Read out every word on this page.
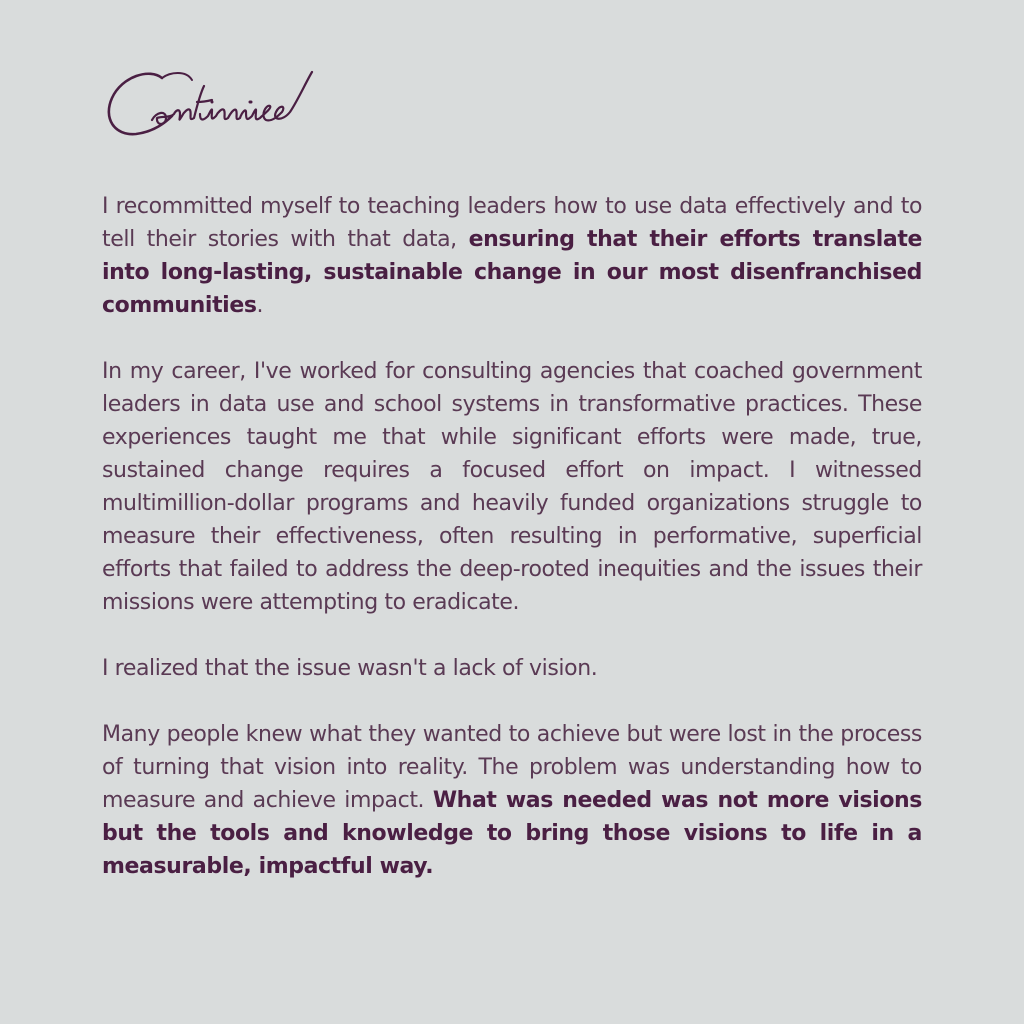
I recommitted myself to teaching leaders how to use data effectively and to tell their stories with that data, ensuring that their efforts translate into long-lasting, sustainable change in our most disenfranchised communities.

In my career, I've worked for consulting agencies that coached government leaders in data use and school systems in transformative practices. These experiences taught me that while significant efforts were made, true, sustained change requires a focused effort on impact. I witnessed multimillion-dollar programs and heavily funded organizations struggle to measure their effectiveness, often resulting in performative, superficial efforts that failed to address the deep-rooted inequities and the issues their missions were attempting to eradicate.

I realized that the issue wasn't a lack of vision.

Many people knew what they wanted to achieve but were lost in the process of turning that vision into reality. The problem was understanding how to measure and achieve impact. What was needed was not more visions but the tools and knowledge to bring those visions to life in a measurable, impactful way.
